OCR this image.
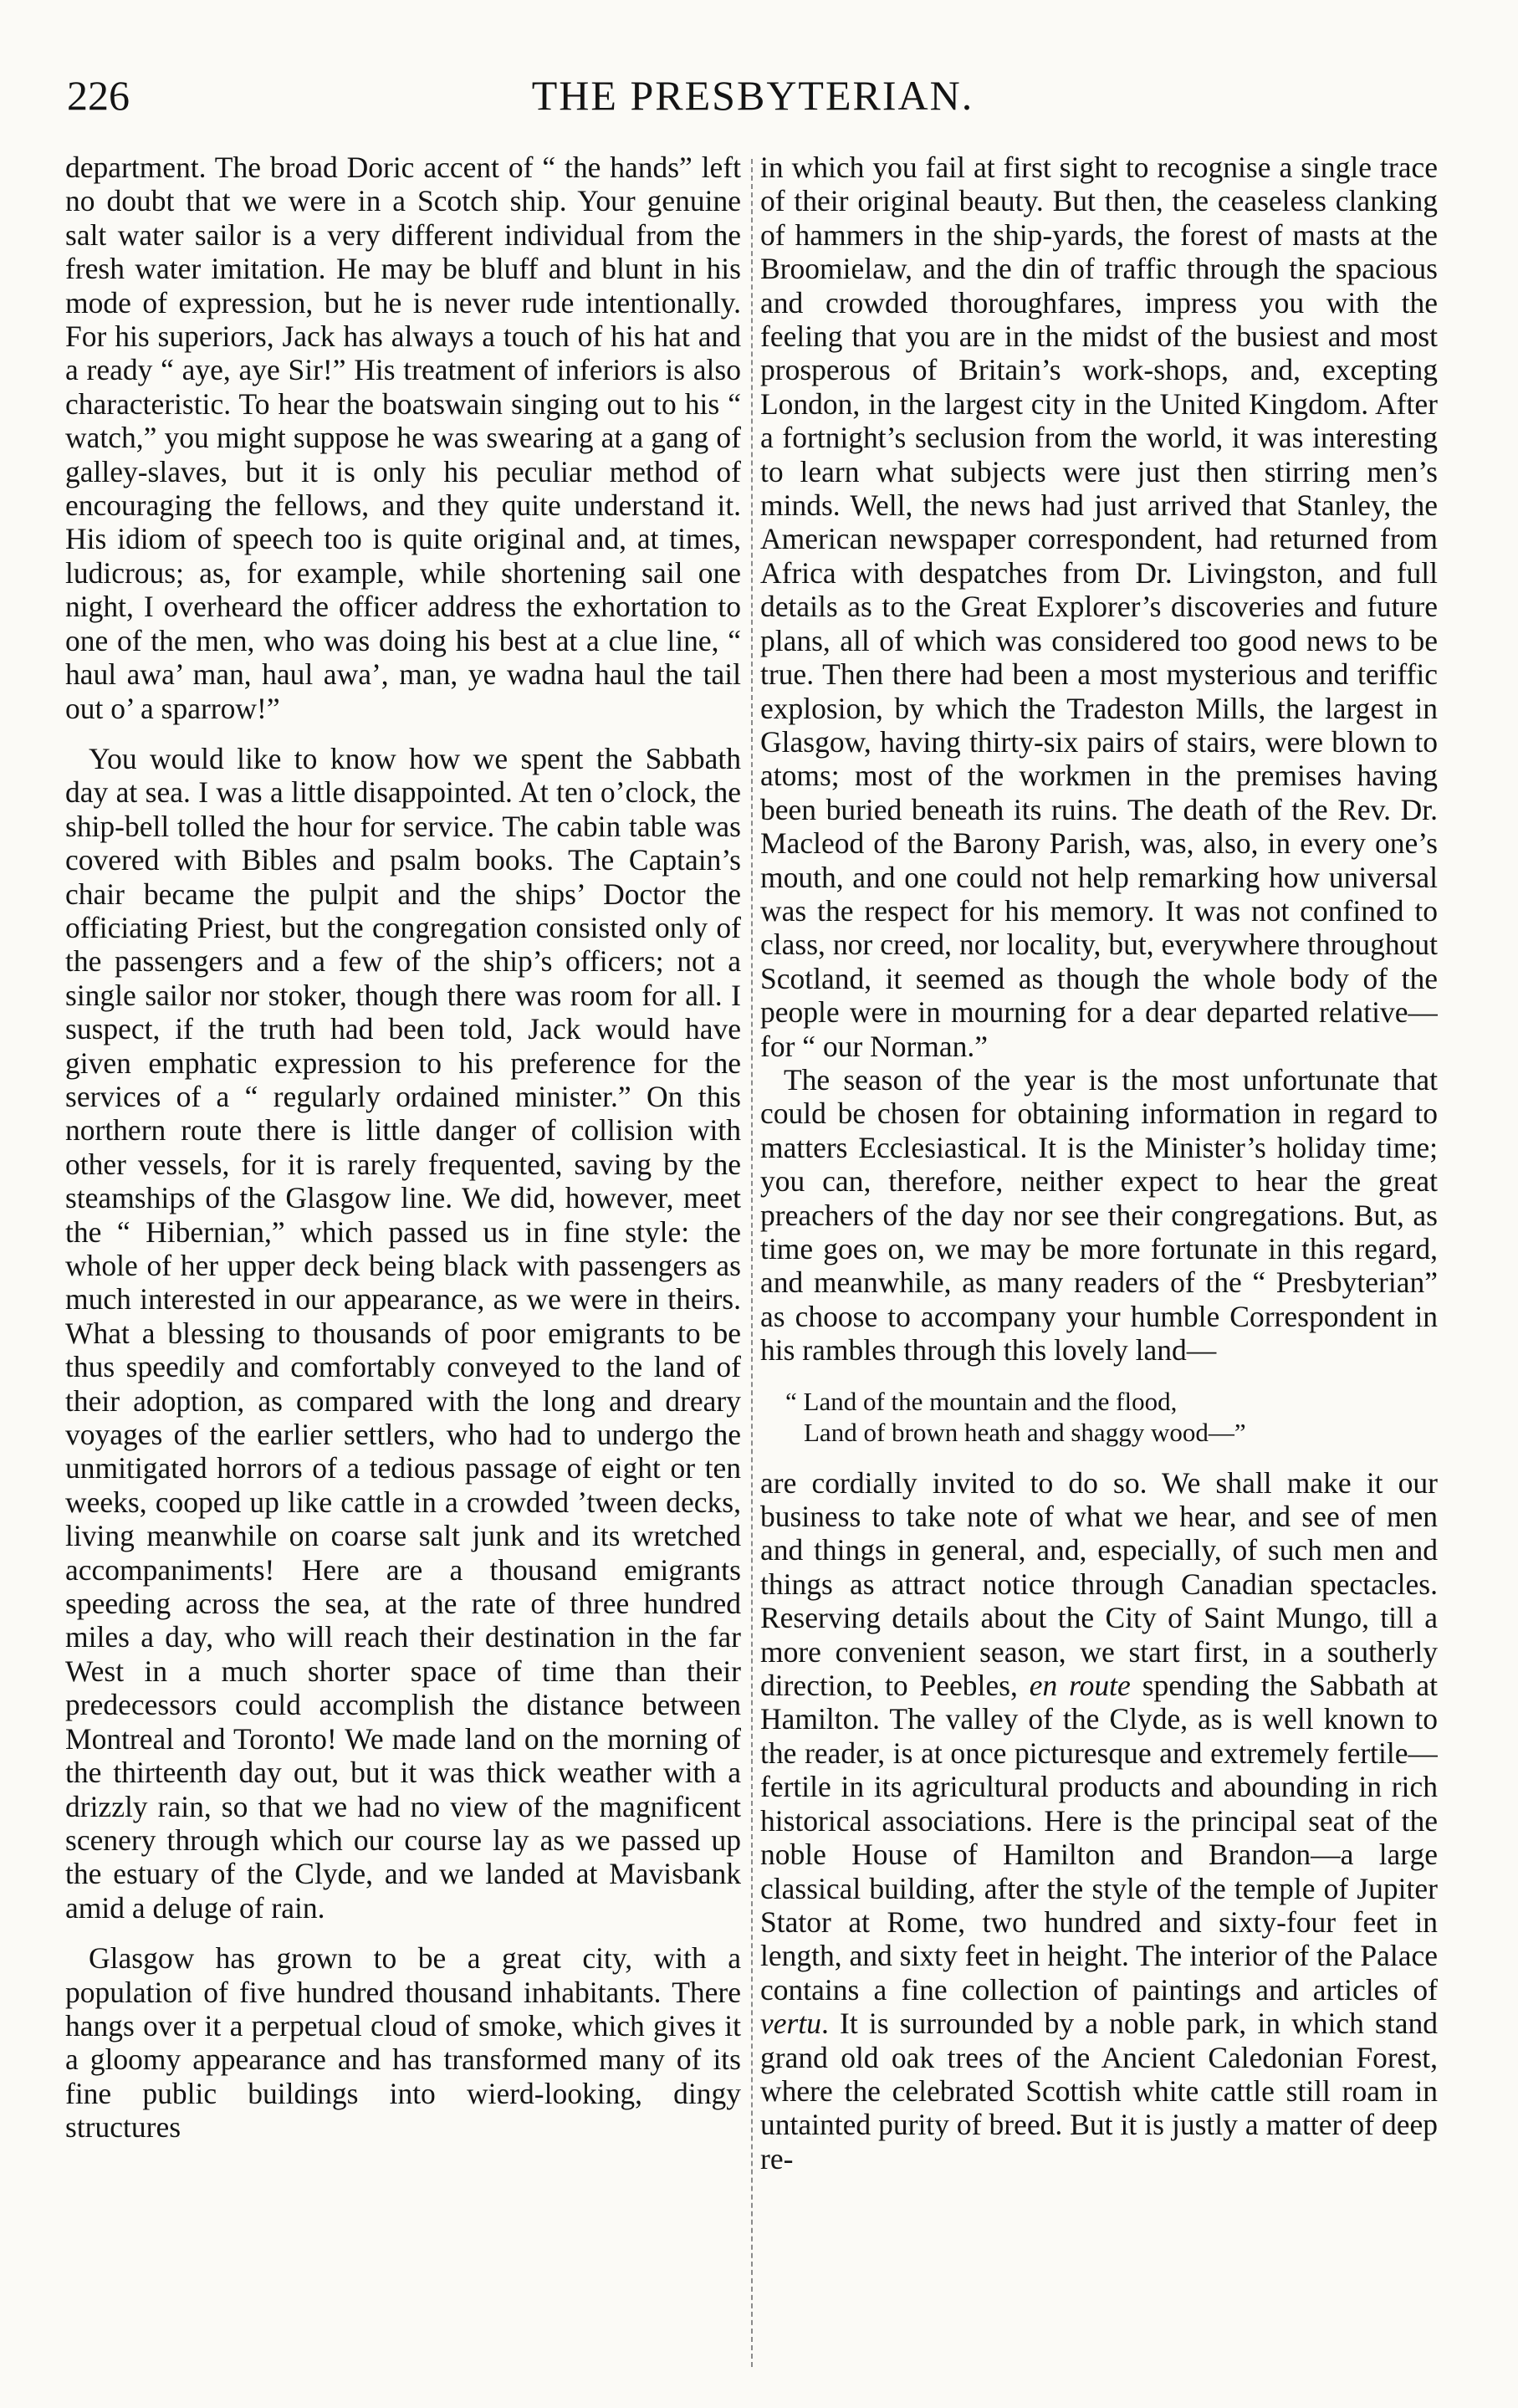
226	THE PRESBYTERIAN.

department. The broad Doric accent of “ the hands” left no doubt that we were in a Scotch ship. Your genuine salt water sailor is a very different individual from the fresh water imitation. He may be bluff and blunt in his mode of expression, but he is never rude intentionally. For his superiors, Jack has always a touch of his hat and a ready “ aye, aye Sir!” His treatment of inferiors is also characteristic. To hear the boatswain singing out to his “ watch,” you might suppose he was swearing at a gang of galley-slaves, but it is only his peculiar method of encouraging the fellows, and they quite understand it. His idiom of speech too is quite original and, at times, ludicrous; as, for example, while shortening sail one night, I overheard the officer address the exhortation to one of the men, who was doing his best at a clue line, “ haul awa’ man, haul awa’, man, ye wadna haul the tail out o’ a sparrow!”

You would like to know how we spent the Sabbath day at sea. I was a little disappointed. At ten o’clock, the ship-bell tolled the hour for service. The cabin table was covered with Bibles and psalm books. The Captain’s chair became the pulpit and the ships’ Doctor the officiating Priest, but the congregation consisted only of the passengers and a few of the ship’s officers; not a single sailor nor stoker, though there was room for all. I suspect, if the truth had been told, Jack would have given emphatic expression to his preference for the services of a “ regularly ordained minister.” On this northern route there is little danger of collision with other vessels, for it is rarely frequented, saving by the steamships of the Glasgow line. We did, however, meet the “ Hibernian,” which passed us in fine style: the whole of her upper deck being black with passengers as much interested in our appearance, as we were in theirs. What a blessing to thousands of poor emigrants to be thus speedily and comfortably conveyed to the land of their adoption, as compared with the long and dreary voyages of the earlier settlers, who had to undergo the unmitigated horrors of a tedious passage of eight or ten weeks, cooped up like cattle in a crowded ’tween decks, living meanwhile on coarse salt junk and its wretched accompaniments! Here are a thousand emigrants speeding across the sea, at the rate of three hundred miles a day, who will reach their destination in the far West in a much shorter space of time than their predecessors could accomplish the distance between Montreal and Toronto! We made land on the morning of the thirteenth day out, but it was thick weather with a drizzly rain, so that we had no view of the magnificent scenery through which our course lay as we passed up the estuary of the Clyde, and we landed at Mavisbank amid a deluge of rain.

Glasgow has grown to be a great city, with a population of five hundred thousand inhabitants. There hangs over it a perpetual cloud of smoke, which gives it a gloomy appearance and has transformed many of its fine public buildings into wierd-looking, dingy structures

in which you fail at first sight to recognise a single trace of their original beauty. But then, the ceaseless clanking of hammers in the ship-yards, the forest of masts at the Broomielaw, and the din of traffic through the spacious and crowded thoroughfares, impress you with the feeling that you are in the midst of the busiest and most prosperous of Britain’s work-shops, and, excepting London, in the largest city in the United Kingdom. After a fortnight’s seclusion from the world, it was interesting to learn what subjects were just then stirring men’s minds. Well, the news had just arrived that Stanley, the American newspaper correspondent, had returned from Africa with despatches from Dr. Livingston, and full details as to the Great Explorer’s discoveries and future plans, all of which was considered too good news to be true. Then there had been a most mysterious and teriffic explosion, by which the Tradeston Mills, the largest in Glasgow, having thirty-six pairs of stairs, were blown to atoms; most of the workmen in the premises having been buried beneath its ruins. The death of the Rev. Dr. Macleod of the Barony Parish, was, also, in every one’s mouth, and one could not help remarking how universal was the respect for his memory. It was not confined to class, nor creed, nor locality, but, everywhere throughout Scotland, it seemed as though the whole body of the people were in mourning for a dear departed relative—for “ our Norman.”

The season of the year is the most unfortunate that could be chosen for obtaining information in regard to matters Ecclesiastical. It is the Minister’s holiday time; you can, therefore, neither expect to hear the great preachers of the day nor see their congregations. But, as time goes on, we may be more fortunate in this regard, and meanwhile, as many readers of the “ Presbyterian” as choose to accompany your humble Correspondent in his rambles through this lovely land—

“ Land of the mountain and the flood,
Land of brown heath and shaggy wood—”

are cordially invited to do so. We shall make it our business to take note of what we hear, and see of men and things in general, and, especially, of such men and things as attract notice through Canadian spectacles. Reserving details about the City of Saint Mungo, till a more convenient season, we start first, in a southerly direction, to Peebles, en route spending the Sabbath at Hamilton. The valley of the Clyde, as is well known to the reader, is at once picturesque and extremely fertile—fertile in its agricultural products and abounding in rich historical associations. Here is the principal seat of the noble House of Hamilton and Brandon—a large classical building, after the style of the temple of Jupiter Stator at Rome, two hundred and sixty-four feet in length, and sixty feet in height. The interior of the Palace contains a fine collection of paintings and articles of vertu. It is surrounded by a noble park, in which stand grand old oak trees of the Ancient Caledonian Forest, where the celebrated Scottish white cattle still roam in untainted purity of breed. But it is justly a matter of deep re-
